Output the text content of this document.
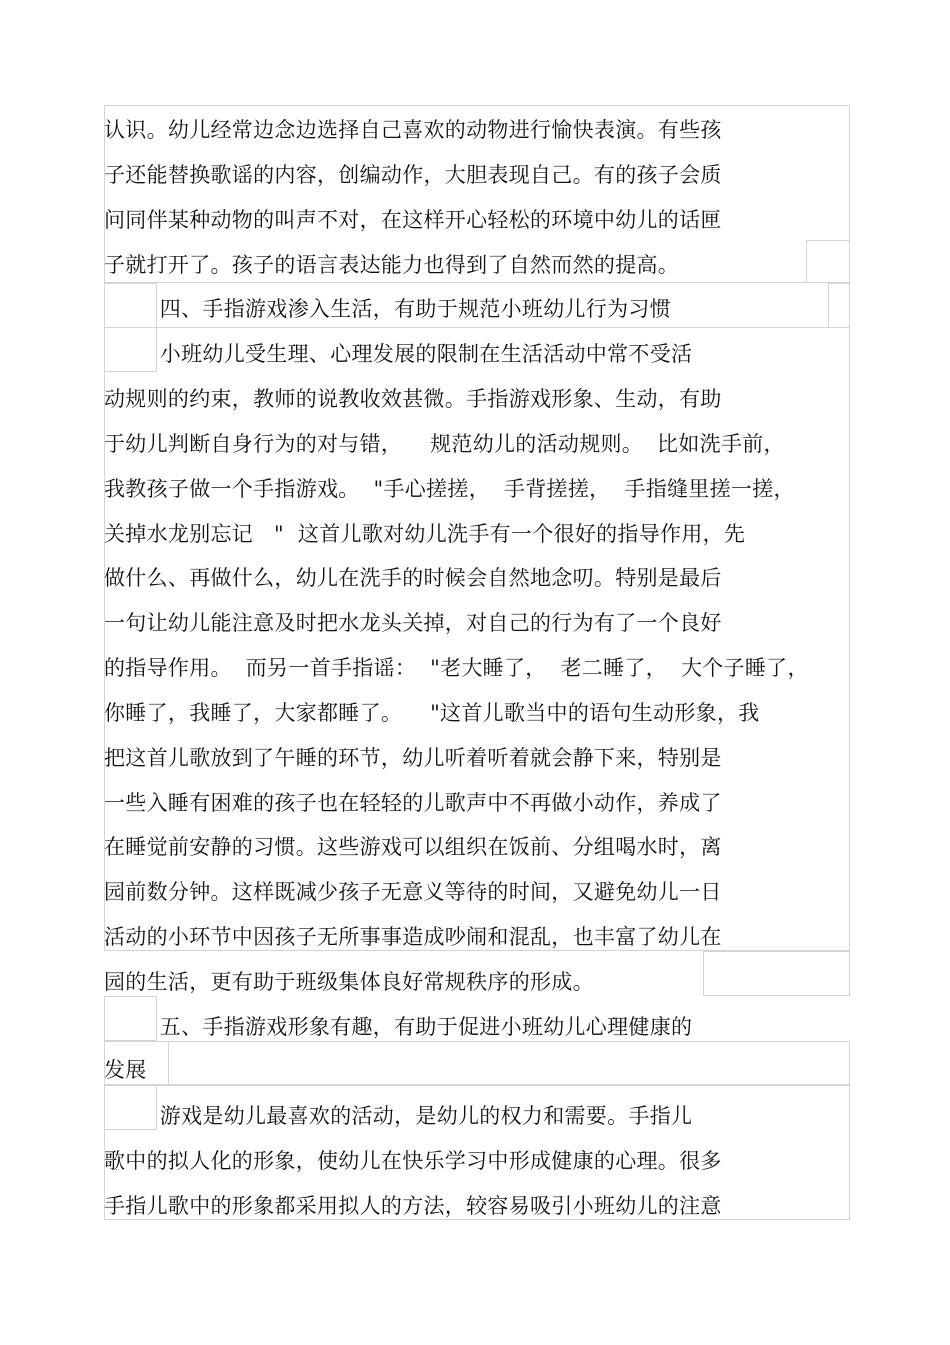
认识。幼儿经常边念边选择自己喜欢的动物进行愉快表演。有些孩
子还能替换歌谣的内容，创编动作，大胆表现自己。有的孩子会质
问同伴某种动物的叫声不对，在这样开心轻松的环境中幼儿的话匣
子就打开了。孩子的语言表达能力也得到了自然而然的提高。
四、手指游戏渗入生活，有助于规范小班幼儿行为习惯
小班幼儿受生理、心理发展的限制在生活活动中常不受活
动规则的约束，教师的说教收效甚微。手指游戏形象、生动，有助
于幼儿判断自身行为的对与错，    规范幼儿的活动规则。  比如洗手前，
我教孩子做一个手指游戏。  "手心搓搓，  手背搓搓，  手指缝里搓一搓，
关掉水龙别忘记   "  这首儿歌对幼儿洗手有一个很好的指导作用，先
做什么、再做什么，幼儿在洗手的时候会自然地念叨。特别是最后
一句让幼儿能注意及时把水龙头关掉，对自己的行为有了一个良好
的指导作用。  而另一首手指谣：  "老大睡了，  老二睡了，  大个子睡了，
你睡了，我睡了，大家都睡了。    "这首儿歌当中的语句生动形象，我
把这首儿歌放到了午睡的环节，幼儿听着听着就会静下来，特别是
一些入睡有困难的孩子也在轻轻的儿歌声中不再做小动作，养成了
在睡觉前安静的习惯。这些游戏可以组织在饭前、分组喝水时，离
园前数分钟。这样既减少孩子无意义等待的时间，又避免幼儿一日
活动的小环节中因孩子无所事事造成吵闹和混乱，也丰富了幼儿在
园的生活，更有助于班级集体良好常规秩序的形成。
五、手指游戏形象有趣，有助于促进小班幼儿心理健康的
发展
游戏是幼儿最喜欢的活动，是幼儿的权力和需要。手指儿
歌中的拟人化的形象，使幼儿在快乐学习中形成健康的心理。很多
手指儿歌中的形象都采用拟人的方法，较容易吸引小班幼儿的注意
